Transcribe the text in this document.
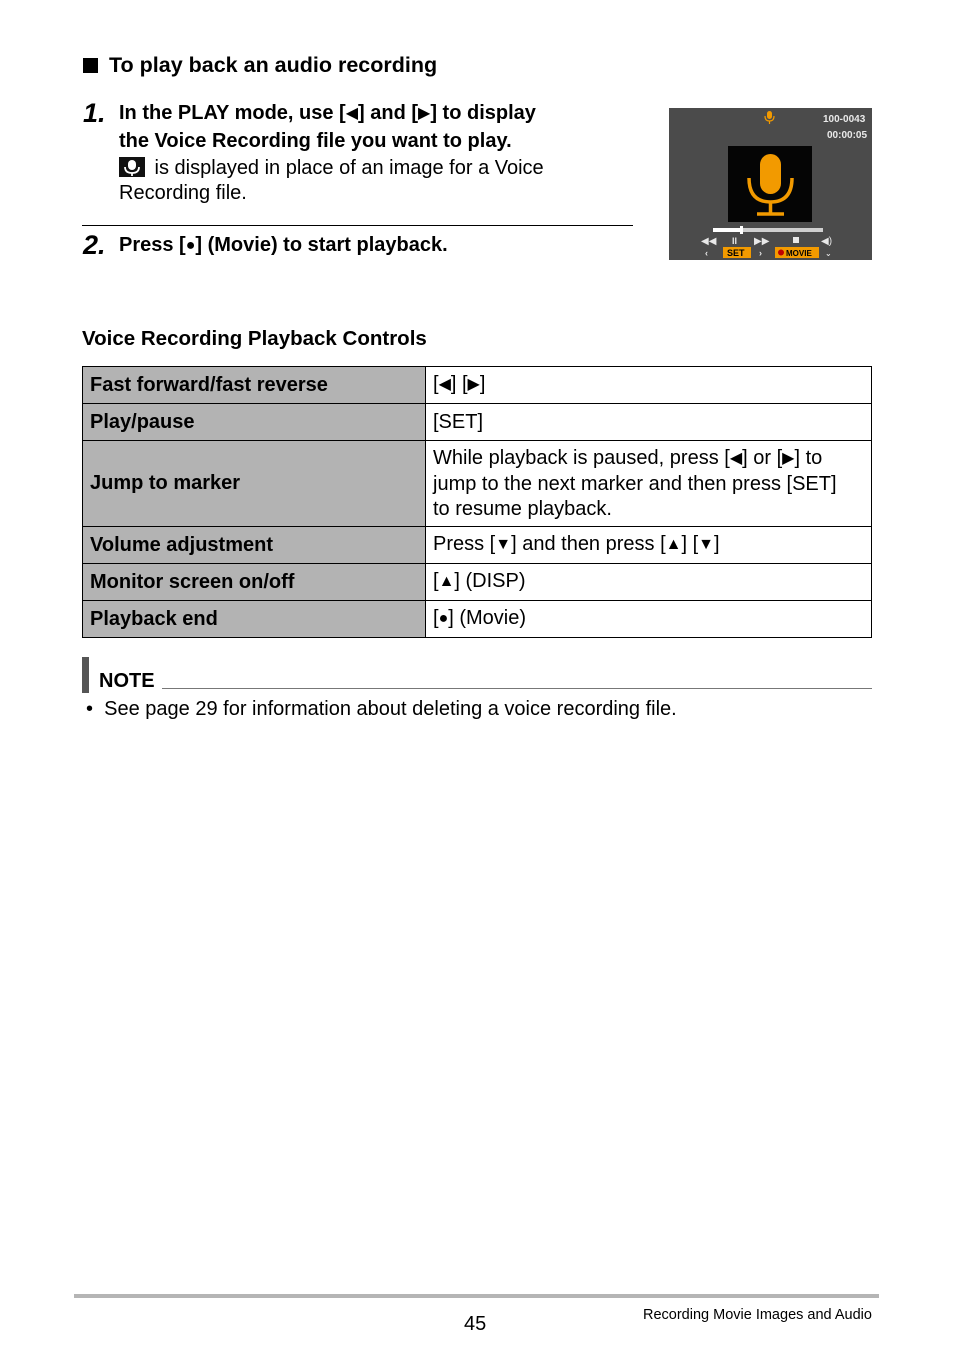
To play back an audio recording
1. In the PLAY mode, use [◀] and [▶] to display
the Voice Recording file you want to play.
is displayed in place of an image for a Voice
Recording file.
2. Press [●] (Movie) to start playback.
100-0043
00:00:05
◀◀ II ▶▶	◀)
‹ SET ›	MOVIE ⌄
Voice Recording Playback Controls
Fast forward/fast reverse	[◀] [▶]
Play/pause	[SET]
Jump to marker	While playback is paused, press [◀] or [▶] to
jump to the next marker and then press [SET]
to resume playback.
Volume adjustment	Press [▼] and then press [▲] [▼]
Monitor screen on/off	[▲] (DISP)
Playback end	[●] (Movie)
NOTE
• See page 29 for information about deleting a voice recording file.
45	Recording Movie Images and Audio
